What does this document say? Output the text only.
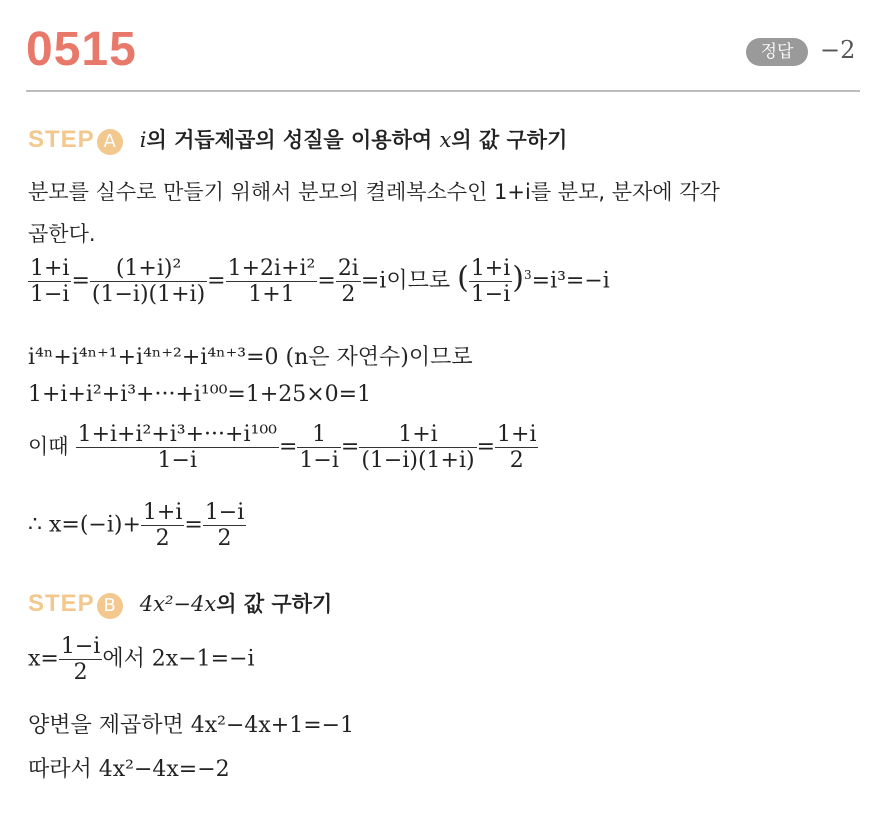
0515	정답	−2
STEP A i의 거듭제곱의 성질을 이용하여 x의 값 구하기
분모를 실수로 만들기 위해서 분모의 켤레복소수인 1+i를 분모, 분자에 각각
곱한다.
$\frac{1+i}{1-i} = \frac{\text{(1+i)²}}{(1-i)(1+i)} = \frac{\text{1+2i+i²}}{1+1} = \frac{2i}{2} =i$이므로 ( $\frac{1+i}{1-i} )^3=i^3=-i$
i⁴ⁿ+i⁴ⁿ⁺¹+i⁴ⁿ⁺²+i⁴ⁿ⁺³=0 (n은 자연수)이므로
1+i+i²+i³+···+i¹⁰⁰=1+25×0=1
이때 $\frac{\text{1+i+i²+i³+···+i¹⁰⁰}}{1-i} = \frac{1}{1-i} = \frac{1+i}{(1-i)(1+i)} = \frac{1+i}{2}$
∴ $x=(-i)+ \frac{1+i}{2} = \frac{1-i}{2}$
STEP B 4x²−4x의 값 구하기
$x= \frac{1-i}{2}$ 에서 2x−1=−i
양변을 제곱하면 4x²−4x+1=−1
따라서 4x²−4x=−2
